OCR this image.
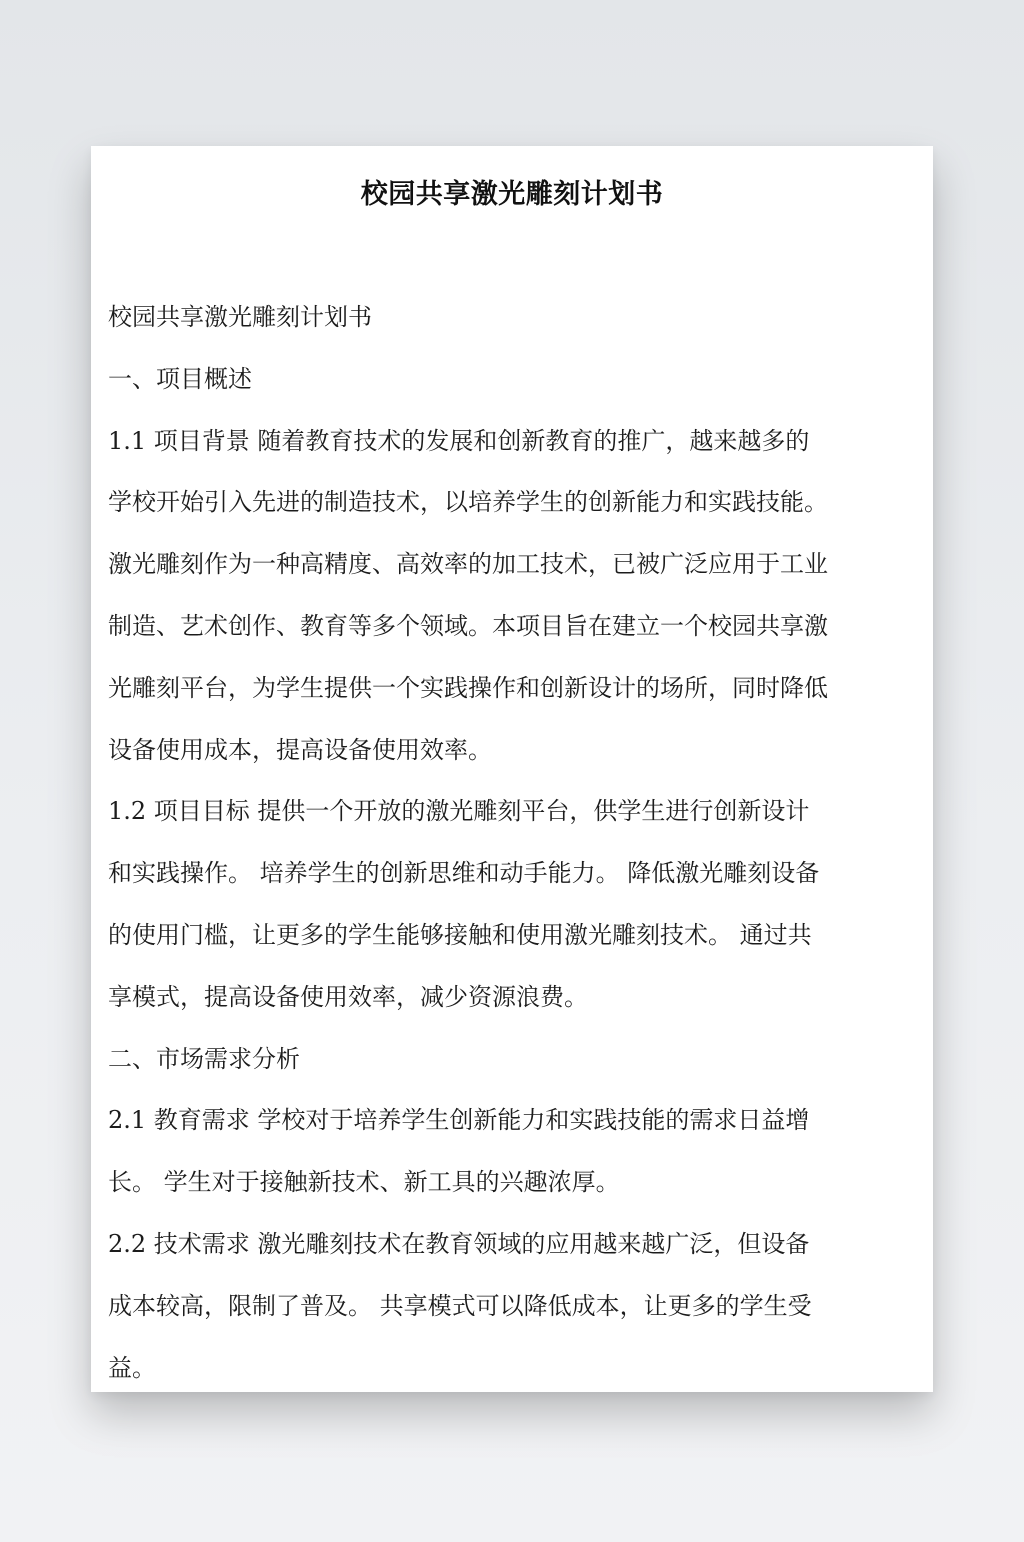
校园共享激光雕刻计划书
校园共享激光雕刻计划书
一、项目概述
1.1 项目背景 随着教育技术的发展和创新教育的推广，越来越多的
学校开始引入先进的制造技术，以培养学生的创新能力和实践技能。
激光雕刻作为一种高精度、高效率的加工技术，已被广泛应用于工业
制造、艺术创作、教育等多个领域。本项目旨在建立一个校园共享激
光雕刻平台，为学生提供一个实践操作和创新设计的场所，同时降低
设备使用成本，提高设备使用效率。
1.2 项目目标 提供一个开放的激光雕刻平台，供学生进行创新设计
和实践操作。 培养学生的创新思维和动手能力。 降低激光雕刻设备
的使用门槛，让更多的学生能够接触和使用激光雕刻技术。 通过共
享模式，提高设备使用效率，减少资源浪费。
二、市场需求分析
2.1 教育需求 学校对于培养学生创新能力和实践技能的需求日益增
长。 学生对于接触新技术、新工具的兴趣浓厚。
2.2 技术需求 激光雕刻技术在教育领域的应用越来越广泛，但设备
成本较高，限制了普及。 共享模式可以降低成本，让更多的学生受
益。
